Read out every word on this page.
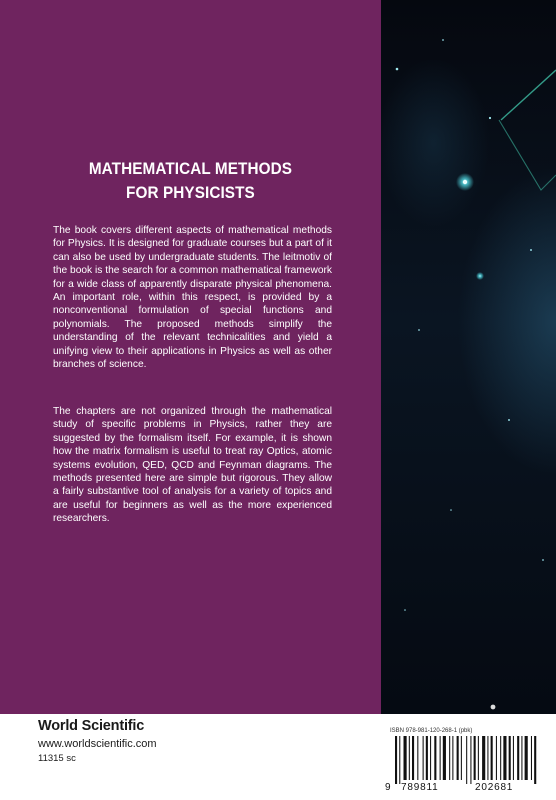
MATHEMATICAL METHODS
FOR PHYSICISTS

The book covers different aspects of mathematical methods for Physics. It is designed for graduate courses but a part of it can also be used by undergraduate students. The leitmotiv of the book is the search for a common mathematical framework for a wide class of apparently disparate physical phenomena. An important role, within this respect, is provided by a nonconventional formulation of special functions and polynomials. The proposed methods simplify the understanding of the relevant technicalities and yield a unifying view to their applications in Physics as well as other branches of science.

The chapters are not organized through the mathematical study of specific problems in Physics, rather they are suggested by the formalism itself. For example, it is shown how the matrix formalism is useful to treat ray Optics, atomic systems evolution, QED, QCD and Feynman diagrams. The methods presented here are simple but rigorous. They allow a fairly substantive tool of analysis for a variety of topics and are useful for beginners as well as the more experienced researchers.

World Scientific

www.worldscientific.com

11315 sc

ISBN 978-981-120-268-1 (pbk)

9 789811	202681
